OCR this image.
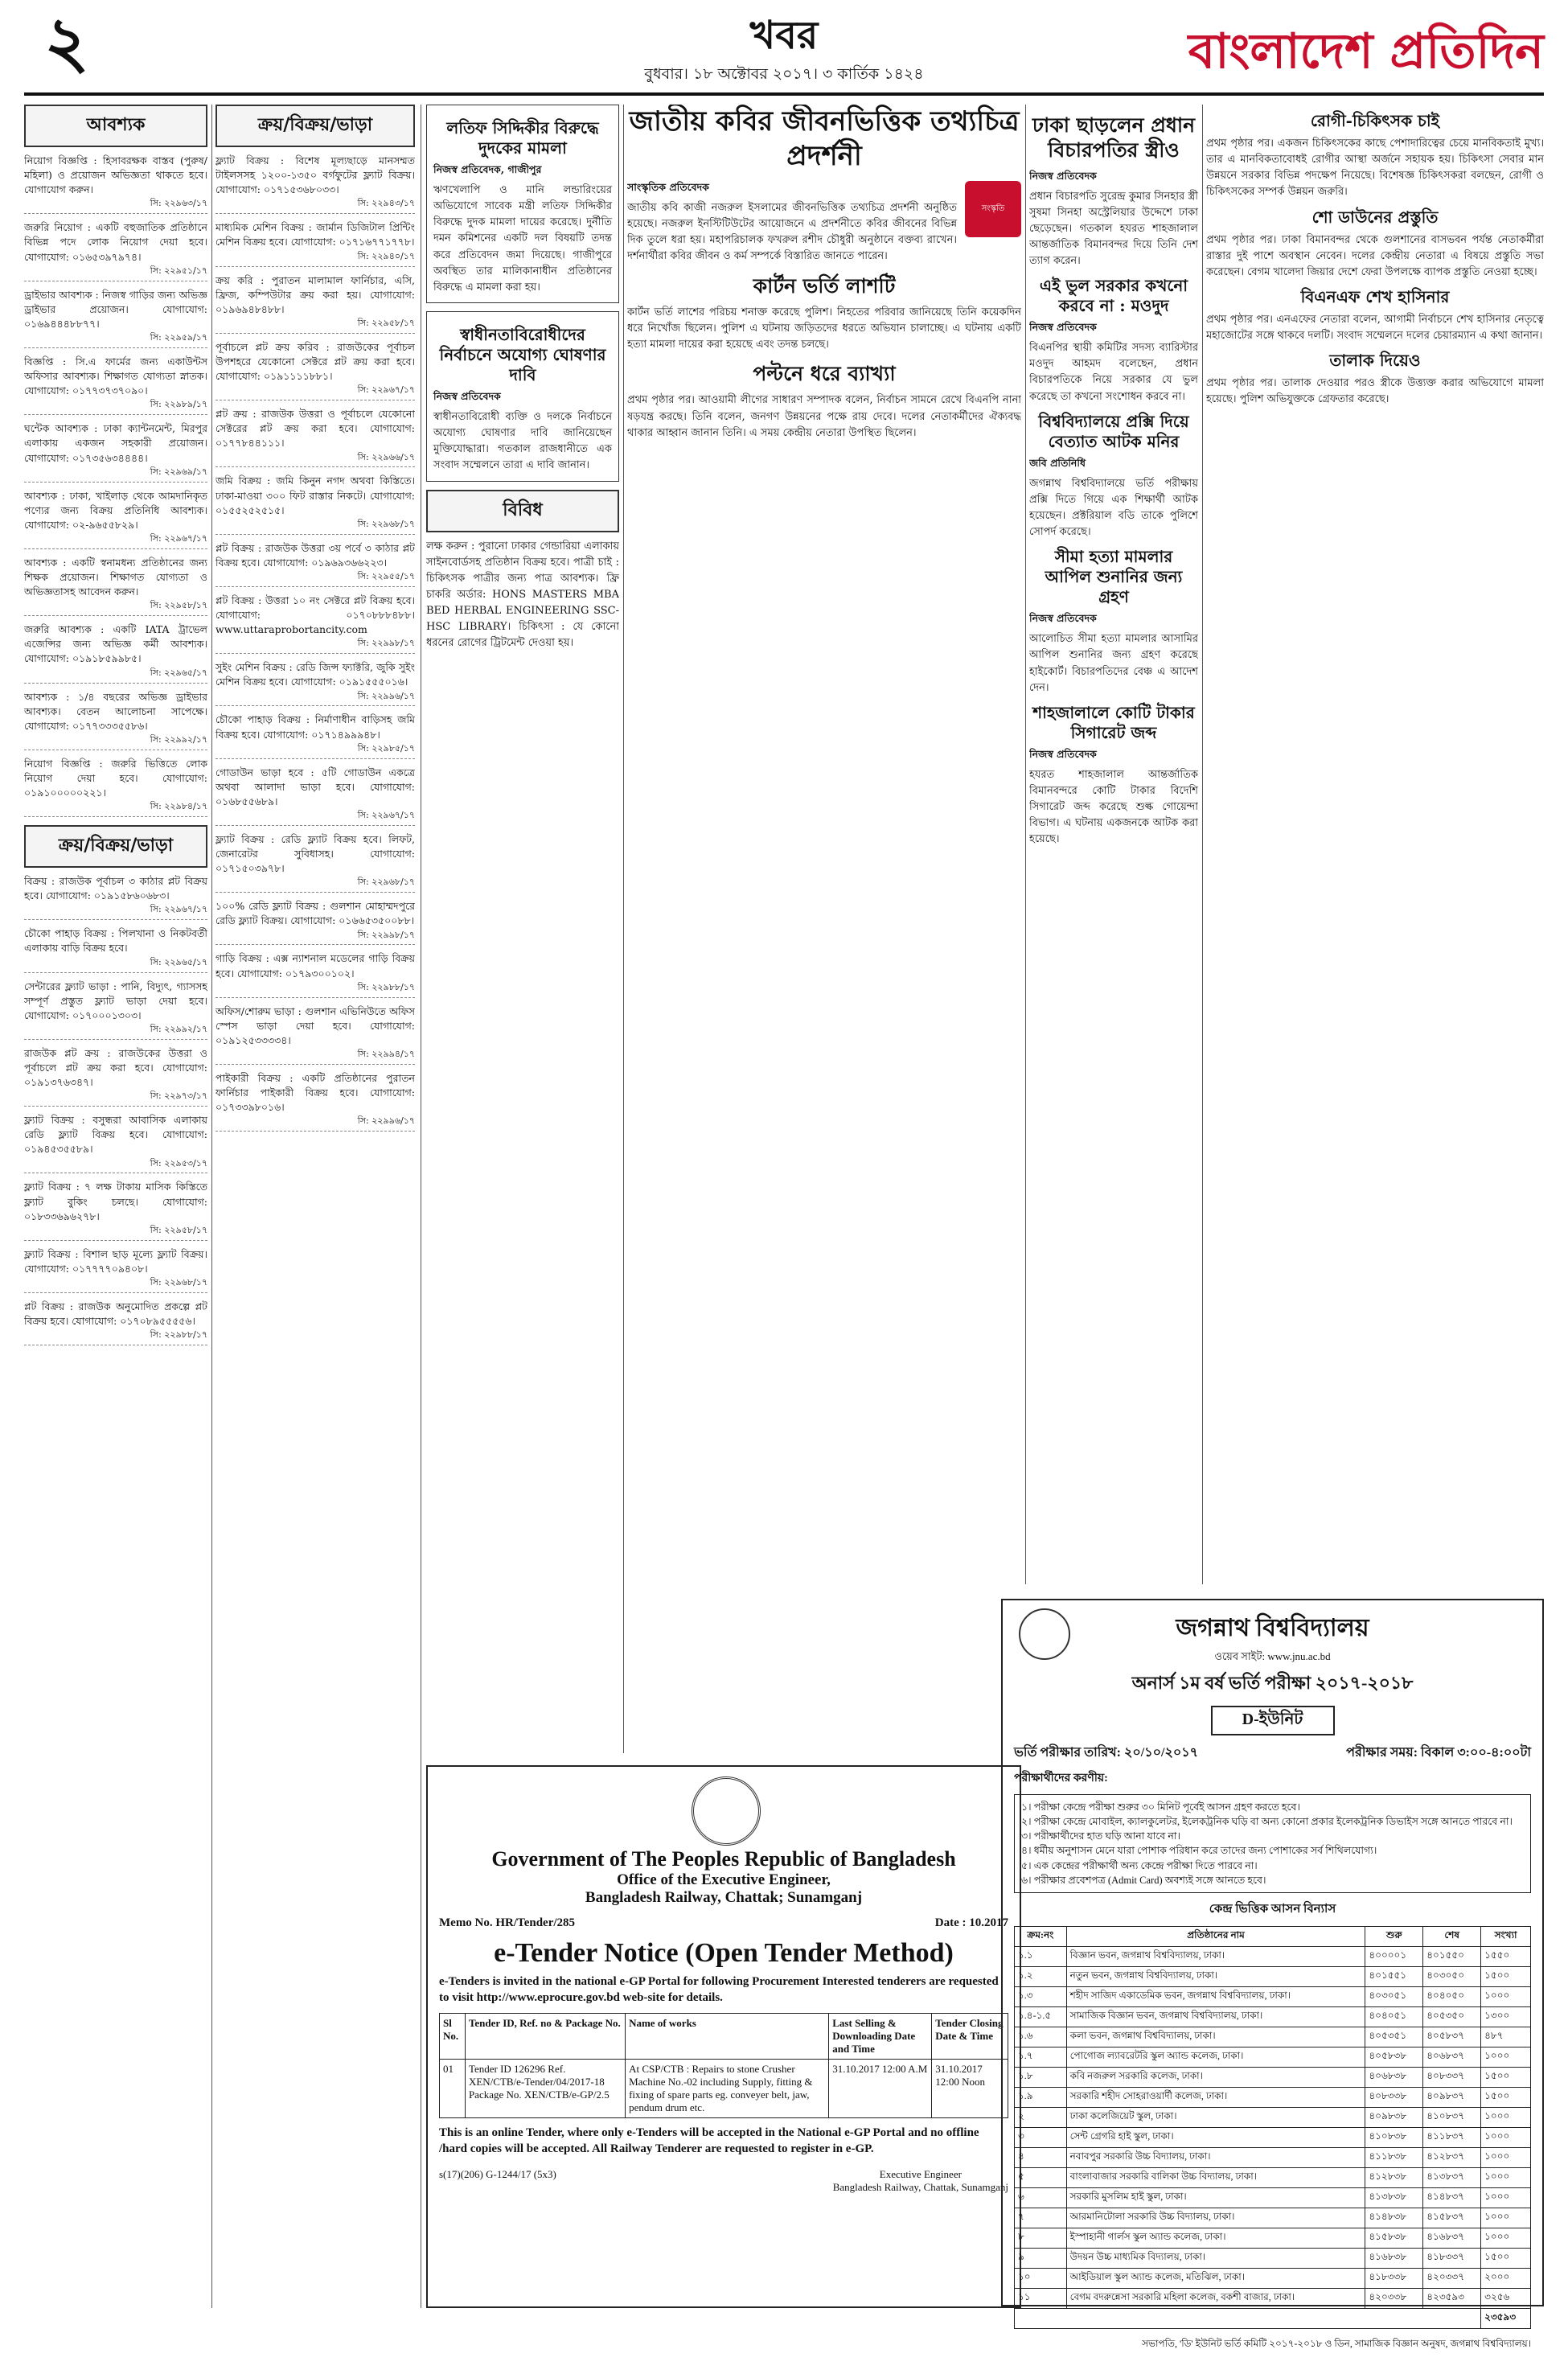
২	খবর
বুধবার। ১৮ অক্টোবর ২০১৭। ৩ কার্তিক ১৪২৪	বাংলাদেশ প্রতিদিন
আবশ্যক
নিয়োগ বিজ্ঞপ্তি : হিসাবরক্ষক বাস্তব (পুরুষ/মহিলা) ও প্রয়োজন অভিজ্ঞতা থাকতে হবে। যোগাযোগ করুন।
সি: ২২৯৬৩/১৭
জরুরি নিয়োগ : একটি বহুজাতিক প্রতিষ্ঠানে বিভিন্ন পদে লোক নিয়োগ দেয়া হবে। যোগাযোগ: ০১৬৫৩৯৭৯৭৪।
সি: ২২৯৫১/১৭
ড্রাইভার আবশ্যক : নিজস্ব গাড়ির জন্য অভিজ্ঞ ড্রাইভার প্রয়োজন। যোগাযোগ: ০১৬৯৪৪৪৮৮৭৭।
সি: ২২৯৫৯/১৭
বিজ্ঞপ্তি : সি.এ ফার্মের জন্য একাউন্টস অফিসার আবশ্যক। শিক্ষাগত যোগ্যতা স্নাতক। যোগাযোগ: ০১৭৭৩৭৩৭০৯০।
সি: ২২৯৮৯/১৭
ঘন্টেক আবশ্যক : ঢাকা ক্যান্টনমেন্ট, মিরপুর এলাকায় একজন সহকারী প্রয়োজন। যোগাযোগ: ০১৭৩৫৬৩৪৪৪৪।
সি: ২২৯৬৯/১৭
আবশ্যক : ঢাকা, খাইলাড় থেকে আমদানিকৃত পণ্যের জন্য বিক্রয় প্রতিনিধি আবশ্যক। যোগাযোগ: ০২-৯৬৫৫৮২৯।
সি: ২২৯৬৭/১৭
আবশ্যক : একটি স্বনামধন্য প্রতিষ্ঠানের জন্য শিক্ষক প্রয়োজন। শিক্ষাগত যোগ্যতা ও অভিজ্ঞতাসহ আবেদন করুন।
সি: ২২৯৫৮/১৭
জরুরি আবশ্যক : একটি IATA ট্রাভেল এজেন্সির জন্য অভিজ্ঞ কর্মী আবশ্যক। যোগাযোগ: ০১৯১৮৫৯৯৮৫।
সি: ২২৯৬৫/১৭
আবশ্যক : ১/৪ বছরের অভিজ্ঞ ড্রাইভার আবশ্যক। বেতন আলোচনা সাপেক্ষে। যোগাযোগ: ০১৭৭৩৩৩৫৫৮৬।
সি: ২২৯৯২/১৭
নিয়োগ বিজ্ঞপ্তি : জরুরি ভিত্তিতে লোক নিয়োগ দেয়া হবে। যোগাযোগ: ০১৯১০০০০০২২১।
সি: ২২৯৮৪/১৭
ক্রয়/বিক্রয়/ভাড়া
বিক্রয় : রাজউক পূর্বাচল ৩ কাঠার প্লট বিক্রয় হবে। যোগাযোগ: ০১৯১৫৮৬০৬৮৩।
সি: ২২৯৬৭/১৭
চৌকো পাহাড় বিক্রয় : পিলখানা ও নিকটবর্তী এলাকায় বাড়ি বিক্রয় হবে।
সি: ২২৯৬৫/১৭
সেন্টারের ফ্ল্যাট ভাড়া : পানি, বিদ্যুৎ, গ্যাসসহ সম্পূর্ণ প্রস্তুত ফ্ল্যাট ভাড়া দেয়া হবে। যোগাযোগ: ০১৭০০০১৩০৩।
সি: ২২৯৯২/১৭
রাজউক প্লট ক্রয় : রাজউকের উত্তরা ও পূর্বাচলে প্লট ক্রয় করা হবে। যোগাযোগ: ০১৯১৩৭৬৩৪৭।
সি: ২২৯৭৩/১৭
ফ্ল্যাট বিক্রয় : বসুন্ধরা আবাসিক এলাকায় রেডি ফ্ল্যাট বিক্রয় হবে। যোগাযোগ: ০১৯৪৫৩৫৫৮৯।
সি: ২২৯৫৩/১৭
ফ্ল্যাট বিক্রয় : ৭ লক্ষ টাকায় মাসিক কিস্তিতে ফ্ল্যাট বুকিং চলছে। যোগাযোগ: ০১৮৩৩৬৯৬২৭৮।
সি: ২২৯৫৮/১৭
ফ্ল্যাট বিক্রয় : বিশাল ছাড় মূল্যে ফ্ল্যাট বিক্রয়। যোগাযোগ: ০১৭৭৭৭০৯৪০৮।
সি: ২২৯৬৮/১৭
প্লট বিক্রয় : রাজউক অনুমোদিত প্রকল্পে প্লট বিক্রয় হবে। যোগাযোগ: ০১৭০৮৯৫৫৫৫৬।
সি: ২২৯৮৮/১৭
ক্রয়/বিক্রয়/ভাড়া
ফ্ল্যাট বিক্রয় : বিশেষ মূল্যছাড়ে মানসম্মত টাইলসসহ ১২০০-১৩৫০ বর্গফুটের ফ্ল্যাট বিক্রয়। যোগাযোগ: ০১৭১৫৩৬৮০৩৩।
সি: ২২৯৪৩/১৭
মাধ্যমিক মেশিন বিক্রয় : জার্মান ডিজিটাল প্রিন্টিং মেশিন বিক্রয় হবে। যোগাযোগ: ০১৭১৬৭৭১৭৭৮।
সি: ২২৯৪০/১৭
ক্রয় করি : পুরাতন মালামাল ফার্নিচার, এসি, ফ্রিজ, কম্পিউটার ক্রয় করা হয়। যোগাযোগ: ০১৯৬৯৪৮৪৮৮।
সি: ২২৯৫৮/১৭
পূর্বাচলে প্লট ক্রয় করিব : রাজউকের পূর্বাচল উপশহরে যেকোনো সেক্টরে প্লট ক্রয় করা হবে। যোগাযোগ: ০১৯১১১১৮৮১।
সি: ২২৯৬৭/১৭
প্লট ক্রয় : রাজউক উত্তরা ও পূর্বাচলে যেকোনো সেক্টরের প্লট ক্রয় করা হবে। যোগাযোগ: ০১৭৭৮৪৪১১১।
সি: ২২৯৬৬/১৭
জমি বিক্রয় : জমি কিনুন নগদ অথবা কিস্তিতে। ঢাকা-মাওয়া ৩০০ ফিট রাস্তার নিকটে। যোগাযোগ: ০১৫৫২৫২৫১৫।
সি: ২২৯৬৮/১৭
প্লট বিক্রয় : রাজউক উত্তরা ৩য় পর্বে ৩ কাঠার প্লট বিক্রয় হবে। যোগাযোগ: ০১৯৬৯৩৬৬২২৩।
সি: ২২৯৫৫/১৭
প্লট বিক্রয় : উত্তরা ১০ নং সেক্টরে প্লট বিক্রয় হবে। যোগাযোগ: ০১৭০৮৮৮৪৮৮। www.uttaraprobortancity.com
সি: ২২৯৯৮/১৭
সুইং মেশিন বিক্রয় : রেডি জিন্স ফ্যাক্টরি, জুকি সুইং মেশিন বিক্রয় হবে। যোগাযোগ: ০১৯১৫৫৫০১৬।
সি: ২২৯৯৬/১৭
চৌকো পাহাড় বিক্রয় : নির্মাণাধীন বাড়িসহ জমি বিক্রয় হবে। যোগাযোগ: ০১৭১৪৯৯৯৪৮।
সি: ২২৯৮৫/১৭
গোডাউন ভাড়া হবে : ৫টি গোডাউন একত্রে অথবা আলাদা ভাড়া হবে। যোগাযোগ: ০১৬৮৫৫৬৮৯।
সি: ২২৯৬৭/১৭
ফ্ল্যাট বিক্রয় : রেডি ফ্ল্যাট বিক্রয় হবে। লিফট, জেনারেটর সুবিধাসহ। যোগাযোগ: ০১৭১৫০৩৯৭৮।
সি: ২২৯৬৮/১৭
১০০% রেডি ফ্ল্যাট বিক্রয় : গুলশান মোহাম্মদপুরে রেডি ফ্ল্যাট বিক্রয়। যোগাযোগ: ০১৬৬৫৩৫০০৮৮।
সি: ২২৯৯৮/১৭
গাড়ি বিক্রয় : এক্স ন্যাশনাল মডেলের গাড়ি বিক্রয় হবে। যোগাযোগ: ০১৭৯৩০০১০২।
সি: ২২৯৮৮/১৭
অফিস/শোরুম ভাড়া : গুলশান এভিনিউতে অফিস স্পেস ভাড়া দেয়া হবে। যোগাযোগ: ০১৯১২৫৩৩৩৩৪।
সি: ২২৯৯৪/১৭
পাইকারী বিক্রয় : একটি প্রতিষ্ঠানের পুরাতন ফার্নিচার পাইকারী বিক্রয় হবে। যোগাযোগ: ০১৭৩৩৯৮০১৬।
সি: ২২৯৯৬/১৭
লতিফ সিদ্দিকীর বিরুদ্ধে দুদকের মামলা
নিজস্ব প্রতিবেদক, গাজীপুর
ঋণখেলাপি ও মানি লন্ডারিংয়ের অভিযোগে সাবেক মন্ত্রী লতিফ সিদ্দিকীর বিরুদ্ধে দুদক মামলা দায়ের করেছে। দুর্নীতি দমন কমিশনের একটি দল বিষয়টি তদন্ত করে প্রতিবেদন জমা দিয়েছে। গাজীপুরে অবস্থিত তার মালিকানাধীন প্রতিষ্ঠানের বিরুদ্ধে এ মামলা করা হয়।
স্বাধীনতাবিরোধীদের নির্বাচনে অযোগ্য ঘোষণার দাবি
নিজস্ব প্রতিবেদক
স্বাধীনতাবিরোধী ব্যক্তি ও দলকে নির্বাচনে অযোগ্য ঘোষণার দাবি জানিয়েছেন মুক্তিযোদ্ধারা। গতকাল রাজধানীতে এক সংবাদ সম্মেলনে তারা এ দাবি জানান।
বিবিধ
লক্ষ করুন : পুরানো ঢাকার গেন্ডারিয়া এলাকায় সাইনবোর্ডসহ প্রতিষ্ঠান বিক্রয় হবে। পাত্রী চাই : চিকিৎসক পাত্রীর জন্য পাত্র আবশ্যক। ফ্রি চাকরি অর্ডার: HONS MASTERS MBA BED HERBAL ENGINEERING SSC-HSC LIBRARY। চিকিৎসা : যে কোনো ধরনের রোগের ট্রিটমেন্ট দেওয়া হয়।
জাতীয় কবির জীবনভিত্তিক তথ্যচিত্র প্রদর্শনী
সাংস্কৃতিক প্রতিবেদক
জাতীয় কবি কাজী নজরুল ইসলামের জীবনভিত্তিক তথ্যচিত্র প্রদর্শনী অনুষ্ঠিত হয়েছে। নজরুল ইনস্টিটিউটের আয়োজনে এ প্রদর্শনীতে কবির জীবনের বিভিন্ন দিক তুলে ধরা হয়। মহাপরিচালক ফখরুল রশীদ চৌধুরী অনুষ্ঠানে বক্তব্য রাখেন। দর্শনার্থীরা কবির জীবন ও কর্ম সম্পর্কে বিস্তারিত জানতে পারেন।
সংস্কৃতি
কার্টন ভর্তি লাশটি
কার্টন ভর্তি লাশের পরিচয় শনাক্ত করেছে পুলিশ। নিহতের পরিবার জানিয়েছে তিনি কয়েকদিন ধরে নিখোঁজ ছিলেন। পুলিশ এ ঘটনায় জড়িতদের ধরতে অভিযান চালাচ্ছে। এ ঘটনায় একটি হত্যা মামলা দায়ের করা হয়েছে এবং তদন্ত চলছে।
পল্টনে ধরে ব্যাখ্যা
প্রথম পৃষ্ঠার পর। আওয়ামী লীগের সাধারণ সম্পাদক বলেন, নির্বাচন সামনে রেখে বিএনপি নানা ষড়যন্ত্র করছে। তিনি বলেন, জনগণ উন্নয়নের পক্ষে রায় দেবে। দলের নেতাকর্মীদের ঐক্যবদ্ধ থাকার আহ্বান জানান তিনি। এ সময় কেন্দ্রীয় নেতারা উপস্থিত ছিলেন।
ঢাকা ছাড়লেন প্রধান বিচারপতির স্ত্রীও
নিজস্ব প্রতিবেদক
প্রধান বিচারপতি সুরেন্দ্র কুমার সিনহার স্ত্রী সুষমা সিনহা অস্ট্রেলিয়ার উদ্দেশে ঢাকা ছেড়েছেন। গতকাল হযরত শাহজালাল আন্তর্জাতিক বিমানবন্দর দিয়ে তিনি দেশ ত্যাগ করেন।
এই ভুল সরকার কখনো করবে না : মওদুদ
নিজস্ব প্রতিবেদক
বিএনপির স্থায়ী কমিটির সদস্য ব্যারিস্টার মওদুদ আহমদ বলেছেন, প্রধান বিচারপতিকে নিয়ে সরকার যে ভুল করেছে তা কখনো সংশোধন করবে না।
বিশ্ববিদ্যালয়ে প্রক্সি দিয়ে বেত্যাত আটক মনির
জবি প্রতিনিধি
জগন্নাথ বিশ্ববিদ্যালয়ে ভর্তি পরীক্ষায় প্রক্সি দিতে গিয়ে এক শিক্ষার্থী আটক হয়েছেন। প্রক্টরিয়াল বডি তাকে পুলিশে সোপর্দ করেছে।
সীমা হত্যা মামলার আপিল শুনানির জন্য গ্রহণ
নিজস্ব প্রতিবেদক
আলোচিত সীমা হত্যা মামলার আসামির আপিল শুনানির জন্য গ্রহণ করেছে হাইকোর্ট। বিচারপতিদের বেঞ্চ এ আদেশ দেন।
শাহজালালে কোটি টাকার সিগারেট জব্দ
নিজস্ব প্রতিবেদক
হযরত শাহজালাল আন্তর্জাতিক বিমানবন্দরে কোটি টাকার বিদেশি সিগারেট জব্দ করেছে শুল্ক গোয়েন্দা বিভাগ। এ ঘটনায় একজনকে আটক করা হয়েছে।
রোগী-চিকিৎসক চাই
প্রথম পৃষ্ঠার পর। একজন চিকিৎসকের কাছে পেশাদারিত্বের চেয়ে মানবিকতাই মুখ্য। তার এ মানবিকতাবোধই রোগীর আস্থা অর্জনে সহায়ক হয়। চিকিৎসা সেবার মান উন্নয়নে সরকার বিভিন্ন পদক্ষেপ নিয়েছে। বিশেষজ্ঞ চিকিৎসকরা বলছেন, রোগী ও চিকিৎসকের সম্পর্ক উন্নয়ন জরুরি।
শো ডাউনের প্রস্তুতি
প্রথম পৃষ্ঠার পর। ঢাকা বিমানবন্দর থেকে গুলশানের বাসভবন পর্যন্ত নেতাকর্মীরা রাস্তার দুই পাশে অবস্থান নেবেন। দলের কেন্দ্রীয় নেতারা এ বিষয়ে প্রস্তুতি সভা করেছেন। বেগম খালেদা জিয়ার দেশে ফেরা উপলক্ষে ব্যাপক প্রস্তুতি নেওয়া হচ্ছে।
বিএনএফ শেখ হাসিনার
প্রথম পৃষ্ঠার পর। এনএফের নেতারা বলেন, আগামী নির্বাচনে শেখ হাসিনার নেতৃত্বে মহাজোটের সঙ্গে থাকবে দলটি। সংবাদ সম্মেলনে দলের চেয়ারম্যান এ কথা জানান।
তালাক দিয়েও
প্রথম পৃষ্ঠার পর। তালাক দেওয়ার পরও স্ত্রীকে উত্ত্যক্ত করার অভিযোগে মামলা হয়েছে। পুলিশ অভিযুক্তকে গ্রেফতার করেছে।
Government of The Peoples Republic of Bangladesh
Office of the Executive Engineer,
Bangladesh Railway, Chattak; Sunamganj
Memo No. HR/Tender/285	Date : 10.2017
e-Tender Notice (Open Tender Method)
e-Tenders is invited in the national e-GP Portal for following Procurement Interested tenderers are requested to visit http://www.eprocure.gov.bd web-site for details.
Sl No.	Tender ID, Ref. no & Package No.	Name of works	Last Selling & Downloading Date and Time	Tender Closing Date & Time
01	Tender ID 126296 Ref. XEN/CTB/e-Tender/04/2017-18 Package No. XEN/CTB/e-GP/2.5	At CSP/CTB : Repairs to stone Crusher Machine No.-02 including Supply, fitting & fixing of spare parts eg. conveyer belt, jaw, pendum drum etc.	31.10.2017 12:00 A.M	31.10.2017 12:00 Noon
This is an online Tender, where only e-Tenders will be accepted in the National e-GP Portal and no offline /hard copies will be accepted. All Railway Tenderer are requested to register in e-GP.
s(17)(206) G-1244/17 (5x3)	Executive Engineer
Bangladesh Railway, Chattak, Sunamganj
জগন্নাথ বিশ্ববিদ্যালয়
ওয়েব সাইট: www.jnu.ac.bd
অনার্স ১ম বর্ষ ভর্তি পরীক্ষা ২০১৭-২০১৮
D-ইউনিট
ভর্তি পরীক্ষার তারিখ: ২০/১০/২০১৭	পরীক্ষার সময়: বিকাল ৩:০০-৪:০০টা
পরীক্ষার্থীদের করণীয়:
১। পরীক্ষা কেন্দ্রে পরীক্ষা শুরুর ৩০ মিনিট পূর্বেই আসন গ্রহণ করতে হবে।
২। পরীক্ষা কেন্দ্রে মোবাইল, ক্যালকুলেটর, ইলেকট্রনিক ঘড়ি বা অন্য কোনো প্রকার ইলেকট্রনিক ডিভাইস সঙ্গে আনতে পারবে না।
৩। পরীক্ষার্থীদের হাত ঘড়ি আনা যাবে না।
৪। ধর্মীয় অনুশাসন মেনে যারা পোশাক পরিধান করে তাদের জন্য পোশাকের সর্ব শিথিলযোগ্য।
৫। এক কেন্দ্রের পরীক্ষার্থী অন্য কেন্দ্রে পরীক্ষা দিতে পারবে না।
৬। পরীক্ষার প্রবেশপত্র (Admit Card) অবশ্যই সঙ্গে আনতে হবে।
কেন্দ্র ভিত্তিক আসন বিন্যাস
ক্রম:নং	প্রতিষ্ঠানের নাম	শুরু	শেষ	সংখ্যা
১.১	বিজ্ঞান ভবন, জগন্নাথ বিশ্ববিদ্যালয়, ঢাকা।	৪০০০০১	৪০১৫৫০	১৫৫০
১.২	নতুন ভবন, জগন্নাথ বিশ্ববিদ্যালয়, ঢাকা।	৪০১৫৫১	৪০৩০৫০	১৫০০
১.৩	শহীদ সাজিদ একাডেমিক ভবন, জগন্নাথ বিশ্ববিদ্যালয়, ঢাকা।	৪০৩০৫১	৪০৪০৫০	১০০০
১.৪-১.৫	সামাজিক বিজ্ঞান ভবন, জগন্নাথ বিশ্ববিদ্যালয়, ঢাকা।	৪০৪০৫১	৪০৫৩৫০	১৩০০
১.৬	কলা ভবন, জগন্নাথ বিশ্ববিদ্যালয়, ঢাকা।	৪০৫৩৫১	৪০৫৮৩৭	৪৮৭
১.৭	পোগোজ ল্যাবরেটরি স্কুল অ্যান্ড কলেজ, ঢাকা।	৪০৫৮৩৮	৪০৬৮৩৭	১০০০
১.৮	কবি নজরুল সরকারি কলেজ, ঢাকা।	৪০৬৮৩৮	৪০৮৩৩৭	১৫০০
১.৯	সরকারি শহীদ সোহরাওয়ার্দী কলেজ, ঢাকা।	৪০৮৩৩৮	৪০৯৮৩৭	১৫০০
২	ঢাকা কলেজিয়েট স্কুল, ঢাকা।	৪০৯৮৩৮	৪১০৮৩৭	১০০০
৩	সেন্ট গ্রেগরি হাই স্কুল, ঢাকা।	৪১০৮৩৮	৪১১৮৩৭	১০০০
৪	নবাবপুর সরকারি উচ্চ বিদ্যালয়, ঢাকা।	৪১১৮৩৮	৪১২৮৩৭	১০০০
৫	বাংলাবাজার সরকারি বালিকা উচ্চ বিদ্যালয়, ঢাকা।	৪১২৮৩৮	৪১৩৮৩৭	১০০০
৬	সরকারি মুসলিম হাই স্কুল, ঢাকা।	৪১৩৮৩৮	৪১৪৮৩৭	১০০০
৭	আরমানিটোলা সরকারি উচ্চ বিদ্যালয়, ঢাকা।	৪১৪৮৩৮	৪১৫৮৩৭	১০০০
৮	ইস্পাহানী গার্লস স্কুল অ্যান্ড কলেজ, ঢাকা।	৪১৫৮৩৮	৪১৬৮৩৭	১০০০
৯	উদয়ন উচ্চ মাধ্যমিক বিদ্যালয়, ঢাকা।	৪১৬৮৩৮	৪১৮৩৩৭	১৫০০
১০	আইডিয়াল স্কুল অ্যান্ড কলেজ, মতিঝিল, ঢাকা।	৪১৮৩৩৮	৪২০৩৩৭	২০০০
১১	বেগম বদরুন্নেসা সরকারি মহিলা কলেজ, বকশী বাজার, ঢাকা।	৪২০৩৩৮	৪২৩৫৯৩	৩২৫৬
				২৩৫৯৩
সভাপতি, 'ডি' ইউনিট ভর্তি কমিটি ২০১৭-২০১৮ ও ডিন, সামাজিক বিজ্ঞান অনুষদ, জগন্নাথ বিশ্ববিদ্যালয়।
